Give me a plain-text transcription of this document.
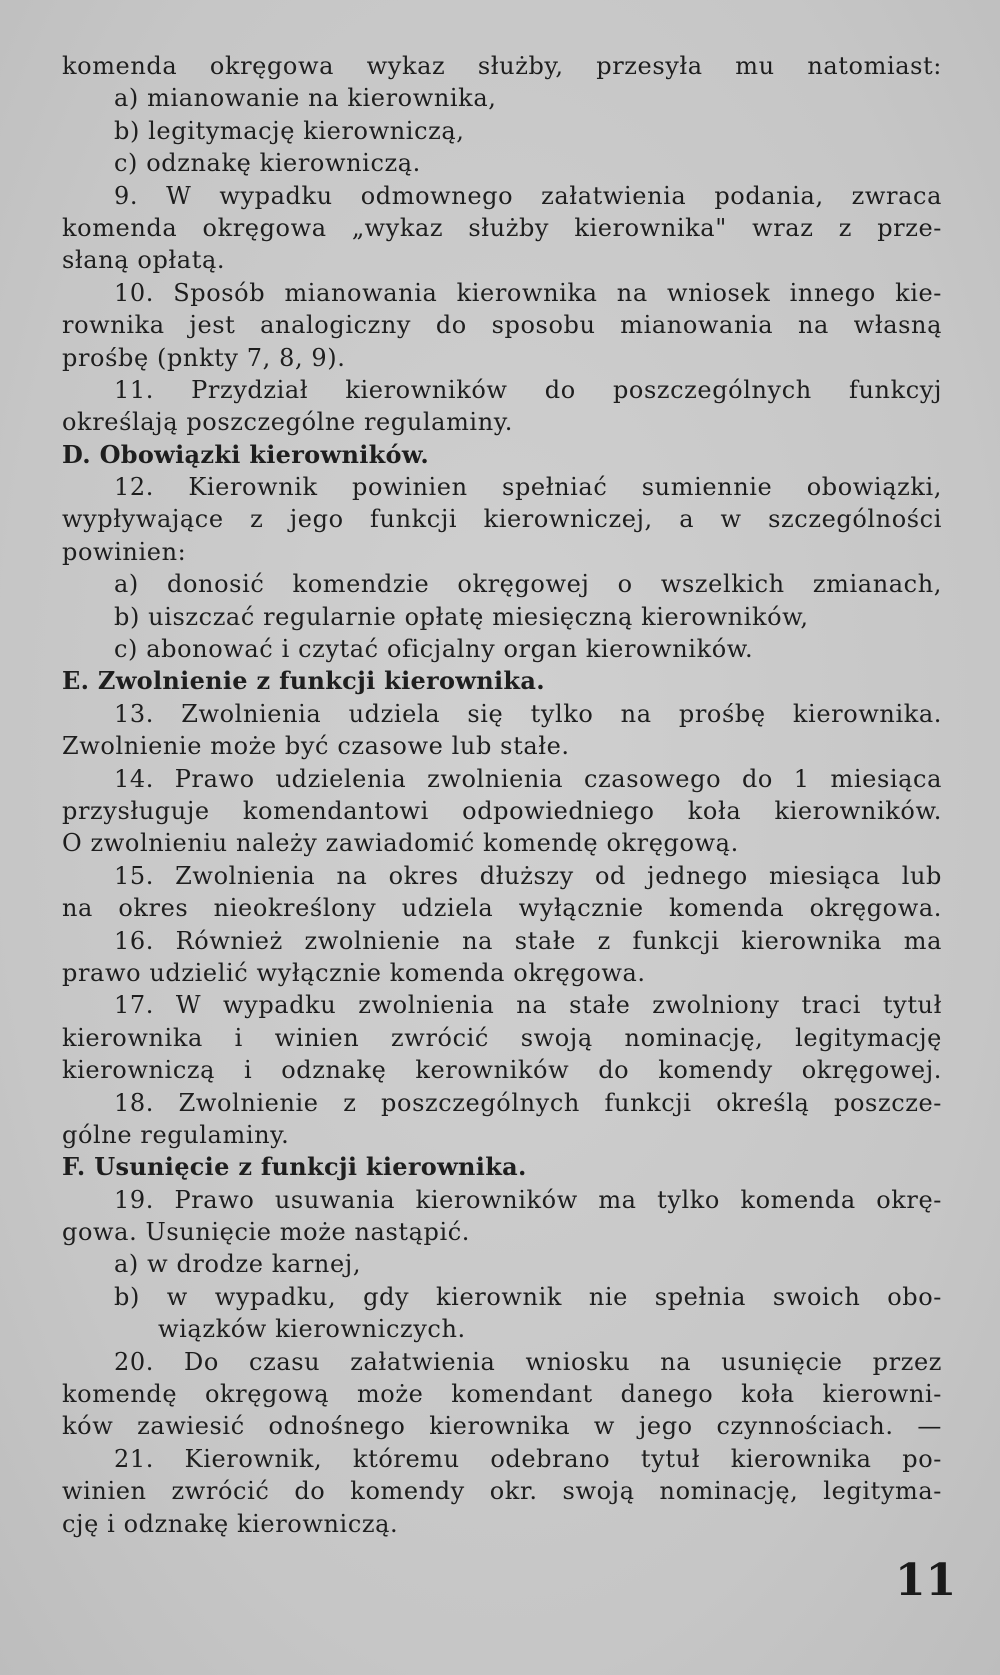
komenda okręgowa wykaz służby, przesyła mu natomiast:
a) mianowanie na kierownika,
b) legitymację kierowniczą,
c) odznakę kierowniczą.
9. W wypadku odmownego załatwienia podania, zwraca
komenda okręgowa „wykaz służby kierownika" wraz z prze-
słaną opłatą.
10. Sposób mianowania kierownika na wniosek innego kie-
rownika jest analogiczny do sposobu mianowania na własną
prośbę (pnkty 7, 8, 9).
11. Przydział kierowników do poszczególnych funkcyj
określają poszczególne regulaminy.
D. Obowiązki kierowników.
12. Kierownik powinien spełniać sumiennie obowiązki,
wypływające z jego funkcji kierowniczej, a w szczególności
powinien:
a) donosić komendzie okręgowej o wszelkich zmianach,
b) uiszczać regularnie opłatę miesięczną kierowników,
c) abonować i czytać oficjalny organ kierowników.
E. Zwolnienie z funkcji kierownika.
13. Zwolnienia udziela się tylko na prośbę kierownika.
Zwolnienie może być czasowe lub stałe.
14. Prawo udzielenia zwolnienia czasowego do 1 miesiąca
przysługuje komendantowi odpowiedniego koła kierowników.
O zwolnieniu należy zawiadomić komendę okręgową.
15. Zwolnienia na okres dłuższy od jednego miesiąca lub
na okres nieokreślony udziela wyłącznie komenda okręgowa.
16. Również zwolnienie na stałe z funkcji kierownika ma
prawo udzielić wyłącznie komenda okręgowa.
17. W wypadku zwolnienia na stałe zwolniony traci tytuł
kierownika i winien zwrócić swoją nominację, legitymację
kierowniczą i odznakę kerowników do komendy okręgowej.
18. Zwolnienie z poszczególnych funkcji określą poszcze-
gólne regulaminy.
F. Usunięcie z funkcji kierownika.
19. Prawo usuwania kierowników ma tylko komenda okrę-
gowa. Usunięcie może nastąpić.
a) w drodze karnej,
b) w wypadku, gdy kierownik nie spełnia swoich obo-
wiązków kierowniczych.
20. Do czasu załatwienia wniosku na usunięcie przez
komendę okręgową może komendant danego koła kierowni-
ków zawiesić odnośnego kierownika w jego czynnościach. —
21. Kierownik, któremu odebrano tytuł kierownika po-
winien zwrócić do komendy okr. swoją nominację, legityma-
cję i odznakę kierowniczą.
11
